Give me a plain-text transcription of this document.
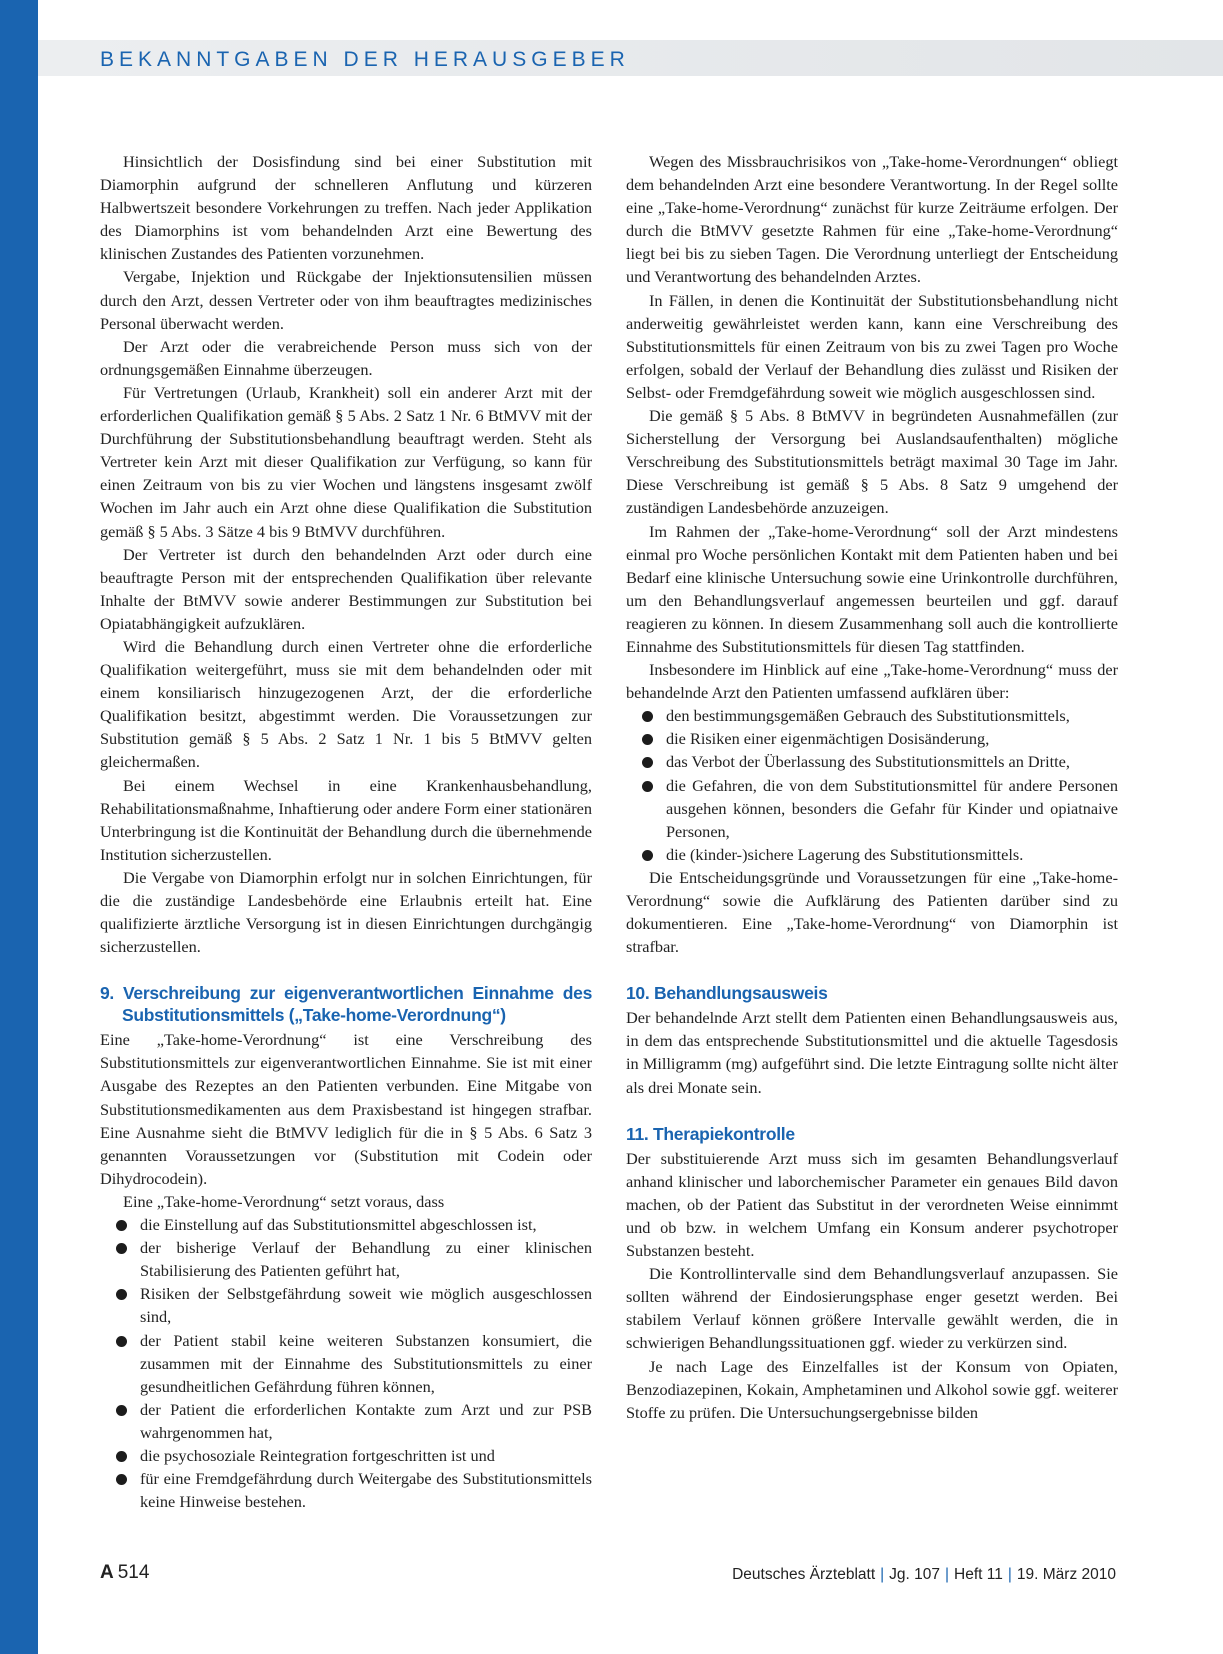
BEKANNTGABEN DER HERAUSGEBER

Hinsichtlich der Dosisfindung sind bei einer Substitution mit Diamorphin aufgrund der schnelleren Anflutung und kürzeren Halbwertszeit besondere Vorkehrungen zu treffen. Nach jeder Applikation des Diamorphins ist vom behandelnden Arzt eine Bewertung des klinischen Zustandes des Patienten vorzunehmen.

Vergabe, Injektion und Rückgabe der Injektionsutensilien müssen durch den Arzt, dessen Vertreter oder von ihm beauftragtes medizinisches Personal überwacht werden.

Der Arzt oder die verabreichende Person muss sich von der ordnungsgemäßen Einnahme überzeugen.

Für Vertretungen (Urlaub, Krankheit) soll ein anderer Arzt mit der erforderlichen Qualifikation gemäß § 5 Abs. 2 Satz 1 Nr. 6 BtMVV mit der Durchführung der Substitutionsbehandlung beauftragt werden. Steht als Vertreter kein Arzt mit dieser Qualifikation zur Verfügung, so kann für einen Zeitraum von bis zu vier Wochen und längstens insgesamt zwölf Wochen im Jahr auch ein Arzt ohne diese Qualifikation die Substitution gemäß § 5 Abs. 3 Sätze 4 bis 9 BtMVV durchführen.

Der Vertreter ist durch den behandelnden Arzt oder durch eine beauftragte Person mit der entsprechenden Qualifikation über relevante Inhalte der BtMVV sowie anderer Bestimmungen zur Substitution bei Opiatabhängigkeit aufzuklären.

Wird die Behandlung durch einen Vertreter ohne die erforderliche Qualifikation weitergeführt, muss sie mit dem behandelnden oder mit einem konsiliarisch hinzugezogenen Arzt, der die erforderliche Qualifikation besitzt, abgestimmt werden. Die Voraussetzungen zur Substitution gemäß § 5 Abs. 2 Satz 1 Nr. 1 bis 5 BtMVV gelten gleichermaßen.

Bei einem Wechsel in eine Krankenhausbehandlung, Rehabilitationsmaßnahme, Inhaftierung oder andere Form einer stationären Unterbringung ist die Kontinuität der Behandlung durch die übernehmende Institution sicherzustellen.

Die Vergabe von Diamorphin erfolgt nur in solchen Einrichtungen, für die die zuständige Landesbehörde eine Erlaubnis erteilt hat. Eine qualifizierte ärztliche Versorgung ist in diesen Einrichtungen durchgängig sicherzustellen.

9. Verschreibung zur eigenverantwortlichen Einnahme des Substitutionsmittels („Take-home-Verordnung“)

Eine „Take-home-Verordnung“ ist eine Verschreibung des Substitutionsmittels zur eigenverantwortlichen Einnahme. Sie ist mit einer Ausgabe des Rezeptes an den Patienten verbunden. Eine Mitgabe von Substitutionsmedikamenten aus dem Praxisbestand ist hingegen strafbar. Eine Ausnahme sieht die BtMVV lediglich für die in § 5 Abs. 6 Satz 3 genannten Voraussetzungen vor (Substitution mit Codein oder Dihydrocodein).

Eine „Take-home-Verordnung“ setzt voraus, dass

die Einstellung auf das Substitutionsmittel abgeschlossen ist,
der bisherige Verlauf der Behandlung zu einer klinischen Stabilisierung des Patienten geführt hat,
Risiken der Selbstgefährdung soweit wie möglich ausgeschlossen sind,
der Patient stabil keine weiteren Substanzen konsumiert, die zusammen mit der Einnahme des Substitutionsmittels zu einer gesundheitlichen Gefährdung führen können,
der Patient die erforderlichen Kontakte zum Arzt und zur PSB wahrgenommen hat,
die psychosoziale Reintegration fortgeschritten ist und
für eine Fremdgefährdung durch Weitergabe des Substitutionsmittels keine Hinweise bestehen.

Wegen des Missbrauchrisikos von „Take-home-Verordnungen“ obliegt dem behandelnden Arzt eine besondere Verantwortung. In der Regel sollte eine „Take-home-Verordnung“ zunächst für kurze Zeiträume erfolgen. Der durch die BtMVV gesetzte Rahmen für eine „Take-home-Verordnung“ liegt bei bis zu sieben Tagen. Die Verordnung unterliegt der Entscheidung und Verantwortung des behandelnden Arztes.

In Fällen, in denen die Kontinuität der Substitutionsbehandlung nicht anderweitig gewährleistet werden kann, kann eine Verschreibung des Substitutionsmittels für einen Zeitraum von bis zu zwei Tagen pro Woche erfolgen, sobald der Verlauf der Behandlung dies zulässt und Risiken der Selbst- oder Fremdgefährdung soweit wie möglich ausgeschlossen sind.

Die gemäß § 5 Abs. 8 BtMVV in begründeten Ausnahmefällen (zur Sicherstellung der Versorgung bei Auslandsaufenthalten) mögliche Verschreibung des Substitutionsmittels beträgt maximal 30 Tage im Jahr. Diese Verschreibung ist gemäß § 5 Abs. 8 Satz 9 umgehend der zuständigen Landesbehörde anzuzeigen.

Im Rahmen der „Take-home-Verordnung“ soll der Arzt mindestens einmal pro Woche persönlichen Kontakt mit dem Patienten haben und bei Bedarf eine klinische Untersuchung sowie eine Urinkontrolle durchführen, um den Behandlungsverlauf angemessen beurteilen und ggf. darauf reagieren zu können. In diesem Zusammenhang soll auch die kontrollierte Einnahme des Substitutionsmittels für diesen Tag stattfinden.

Insbesondere im Hinblick auf eine „Take-home-Verordnung“ muss der behandelnde Arzt den Patienten umfassend aufklären über:

den bestimmungsgemäßen Gebrauch des Substitutionsmittels,
die Risiken einer eigenmächtigen Dosisänderung,
das Verbot der Überlassung des Substitutionsmittels an Dritte,
die Gefahren, die von dem Substitutionsmittel für andere Personen ausgehen können, besonders die Gefahr für Kinder und opiatnaive Personen,
die (kinder-)sichere Lagerung des Substitutionsmittels.

Die Entscheidungsgründe und Voraussetzungen für eine „Take-home-Verordnung“ sowie die Aufklärung des Patienten darüber sind zu dokumentieren. Eine „Take-home-Verordnung“ von Diamorphin ist strafbar.

10. Behandlungsausweis

Der behandelnde Arzt stellt dem Patienten einen Behandlungsausweis aus, in dem das entsprechende Substitutionsmittel und die aktuelle Tagesdosis in Milligramm (mg) aufgeführt sind. Die letzte Eintragung sollte nicht älter als drei Monate sein.

11. Therapiekontrolle

Der substituierende Arzt muss sich im gesamten Behandlungsverlauf anhand klinischer und laborchemischer Parameter ein genaues Bild davon machen, ob der Patient das Substitut in der verordneten Weise einnimmt und ob bzw. in welchem Umfang ein Konsum anderer psychotroper Substanzen besteht.

Die Kontrollintervalle sind dem Behandlungsverlauf anzupassen. Sie sollten während der Eindosierungsphase enger gesetzt werden. Bei stabilem Verlauf können größere Intervalle gewählt werden, die in schwierigen Behandlungssituationen ggf. wieder zu verkürzen sind.

Je nach Lage des Einzelfalles ist der Konsum von Opiaten, Benzodiazepinen, Kokain, Amphetaminen und Alkohol sowie ggf. weiterer Stoffe zu prüfen. Die Untersuchungsergebnisse bilden

A 514	Deutsches Ärzteblatt | Jg. 107 | Heft 11 | 19. März 2010
